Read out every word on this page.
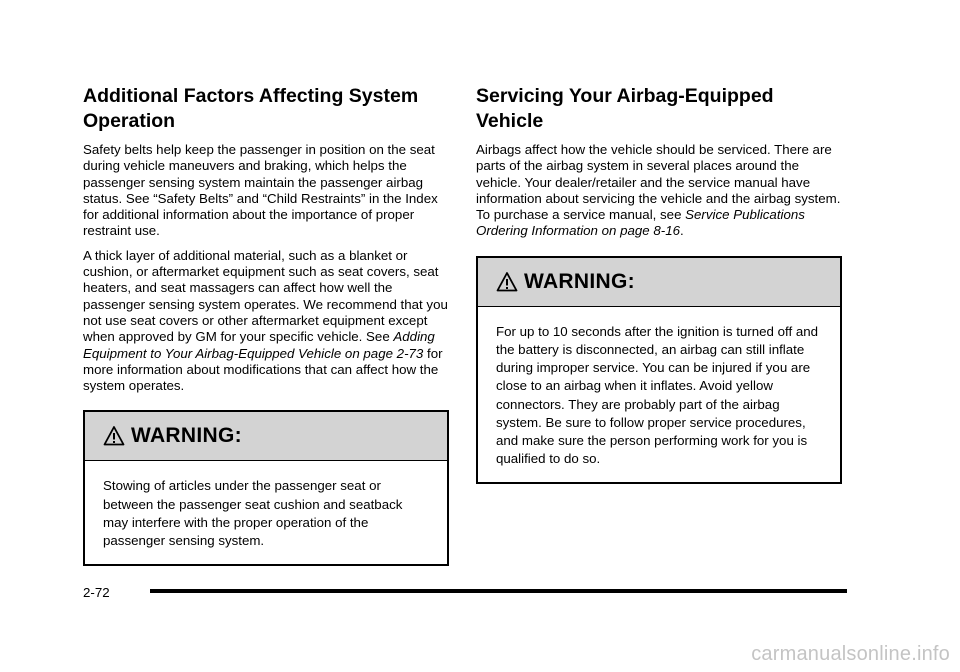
Additional Factors Affecting System Operation

Safety belts help keep the passenger in position on the seat during vehicle maneuvers and braking, which helps the passenger sensing system maintain the passenger airbag status. See “Safety Belts” and “Child Restraints” in the Index for additional information about the importance of proper restraint use.

A thick layer of additional material, such as a blanket or cushion, or aftermarket equipment such as seat covers, seat heaters, and seat massagers can affect how well the passenger sensing system operates. We recommend that you not use seat covers or other aftermarket equipment except when approved by GM for your specific vehicle. See Adding Equipment to Your Airbag-Equipped Vehicle on page 2-73 for more information about modifications that can affect how the system operates.

WARNING:

Stowing of articles under the passenger seat or between the passenger seat cushion and seatback may interfere with the proper operation of the passenger sensing system.

Servicing Your Airbag-Equipped Vehicle

Airbags affect how the vehicle should be serviced. There are parts of the airbag system in several places around the vehicle. Your dealer/retailer and the service manual have information about servicing the vehicle and the airbag system. To purchase a service manual, see Service Publications Ordering Information on page 8-16.

WARNING:

For up to 10 seconds after the ignition is turned off and the battery is disconnected, an airbag can still inflate during improper service. You can be injured if you are close to an airbag when it inflates. Avoid yellow connectors. They are probably part of the airbag system. Be sure to follow proper service procedures, and make sure the person performing work for you is qualified to do so.

2-72
carmanualsonline.info
